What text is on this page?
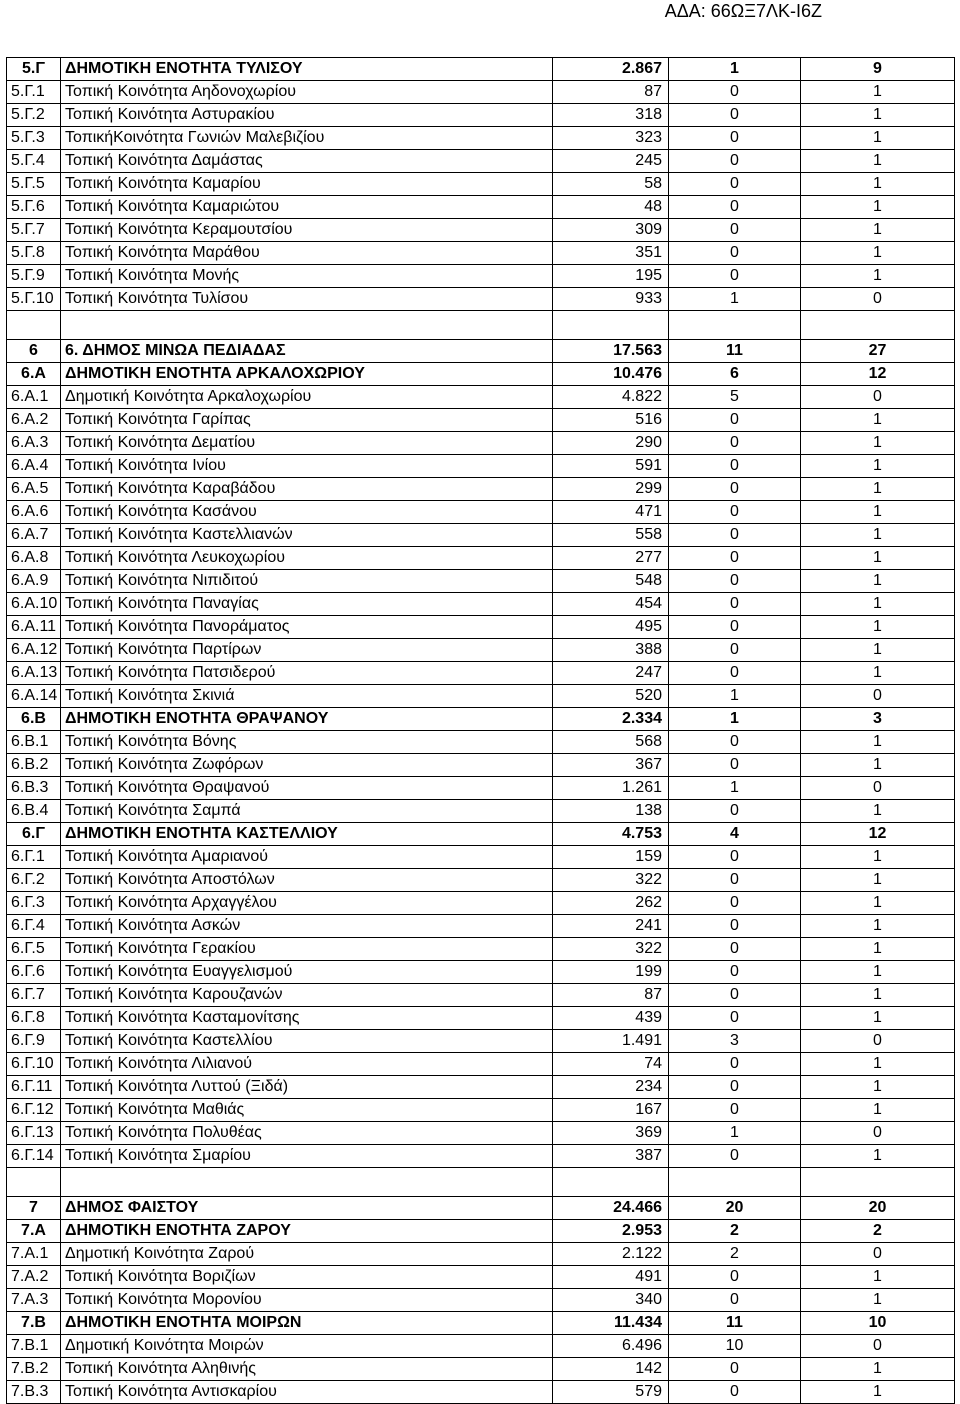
ΑΔΑ: 66ΩΞ7ΛΚ-Ι6Ζ
5.Γ	ΔΗΜΟΤΙΚΗ ΕΝΟΤΗΤΑ ΤΥΛΙΣΟΥ	2.867	1	9
5.Γ.1	Τοπική Κοινότητα Αηδονοχωρίου	87	0	1
5.Γ.2	Τοπική Κοινότητα Αστυρακίου	318	0	1
5.Γ.3	ΤοπικήΚοινότητα Γωνιών Μαλεβιζίου	323	0	1
5.Γ.4	Τοπική Κοινότητα Δαμάστας	245	0	1
5.Γ.5	Τοπική Κοινότητα Καμαρίου	58	0	1
5.Γ.6	Τοπική Κοινότητα Καμαριώτου	48	0	1
5.Γ.7	Τοπική Κοινότητα Κεραμουτσίου	309	0	1
5.Γ.8	Τοπική Κοινότητα Μαράθου	351	0	1
5.Γ.9	Τοπική Κοινότητα Μονής	195	0	1
5.Γ.10	Τοπική Κοινότητα Τυλίσου	933	1	0

6	6. ΔΗΜΟΣ ΜΙΝΩΑ ΠΕΔΙΑΔΑΣ	17.563	11	27
6.Α	ΔΗΜΟΤΙΚΗ ΕΝΟΤΗΤΑ ΑΡΚΑΛΟΧΩΡΙΟΥ	10.476	6	12
6.Α.1	Δημοτική Κοινότητα Αρκαλοχωρίου	4.822	5	0
6.Α.2	Τοπική Κοινότητα Γαρίπας	516	0	1
6.Α.3	Τοπική Κοινότητα Δεματίου	290	0	1
6.Α.4	Τοπική Κοινότητα Ινίου	591	0	1
6.Α.5	Τοπική Κοινότητα Καραβάδου	299	0	1
6.Α.6	Τοπική Κοινότητα Κασάνου	471	0	1
6.Α.7	Τοπική Κοινότητα Καστελλιανών	558	0	1
6.Α.8	Τοπική Κοινότητα Λευκοχωρίου	277	0	1
6.Α.9	Τοπική Κοινότητα Νιπιδιτού	548	0	1
6.Α.10	Τοπική Κοινότητα Παναγίας	454	0	1
6.Α.11	Τοπική Κοινότητα Πανοράματος	495	0	1
6.Α.12	Τοπική Κοινότητα Παρτίρων	388	0	1
6.Α.13	Τοπική Κοινότητα Πατσιδερού	247	0	1
6.Α.14	Τοπική Κοινότητα Σκινιά	520	1	0
6.Β	ΔΗΜΟΤΙΚΗ ΕΝΟΤΗΤΑ ΘΡΑΨΑΝΟΥ	2.334	1	3
6.Β.1	Τοπική Κοινότητα Βόνης	568	0	1
6.Β.2	Τοπική Κοινότητα Ζωφόρων	367	0	1
6.Β.3	Τοπική Κοινότητα Θραψανού	1.261	1	0
6.Β.4	Τοπική Κοινότητα Σαμπά	138	0	1
6.Γ	ΔΗΜΟΤΙΚΗ ΕΝΟΤΗΤΑ ΚΑΣΤΕΛΛΙΟΥ	4.753	4	12
6.Γ.1	Τοπική Κοινότητα Αμαριανού	159	0	1
6.Γ.2	Τοπική Κοινότητα Αποστόλων	322	0	1
6.Γ.3	Τοπική Κοινότητα Αρχαγγέλου	262	0	1
6.Γ.4	Τοπική Κοινότητα Ασκών	241	0	1
6.Γ.5	Τοπική Κοινότητα Γερακίου	322	0	1
6.Γ.6	Τοπική Κοινότητα Ευαγγελισμού	199	0	1
6.Γ.7	Τοπική Κοινότητα Καρουζανών	87	0	1
6.Γ.8	Τοπική Κοινότητα Κασταμονίτσης	439	0	1
6.Γ.9	Τοπική Κοινότητα Καστελλίου	1.491	3	0
6.Γ.10	Τοπική Κοινότητα Λιλιανού	74	0	1
6.Γ.11	Τοπική Κοινότητα Λυττού (Ξιδά)	234	0	1
6.Γ.12	Τοπική Κοινότητα Μαθιάς	167	0	1
6.Γ.13	Τοπική Κοινότητα Πολυθέας	369	1	0
6.Γ.14	Τοπική Κοινότητα Σμαρίου	387	0	1

7	ΔΗΜΟΣ ΦΑΙΣΤΟΥ	24.466	20	20
7.Α	ΔΗΜΟΤΙΚΗ ΕΝΟΤΗΤΑ ΖΑΡΟΥ	2.953	2	2
7.Α.1	Δημοτική Κοινότητα Ζαρού	2.122	2	0
7.Α.2	Τοπική Κοινότητα Βοριζίων	491	0	1
7.Α.3	Τοπική Κοινότητα Μορονίου	340	0	1
7.Β	ΔΗΜΟΤΙΚΗ ΕΝΟΤΗΤΑ ΜΟΙΡΩΝ	11.434	11	10
7.Β.1	Δημοτική Κοινότητα Μοιρών	6.496	10	0
7.Β.2	Τοπική Κοινότητα Αληθινής	142	0	1
7.Β.3	Τοπική Κοινότητα Αντισκαρίου	579	0	1
